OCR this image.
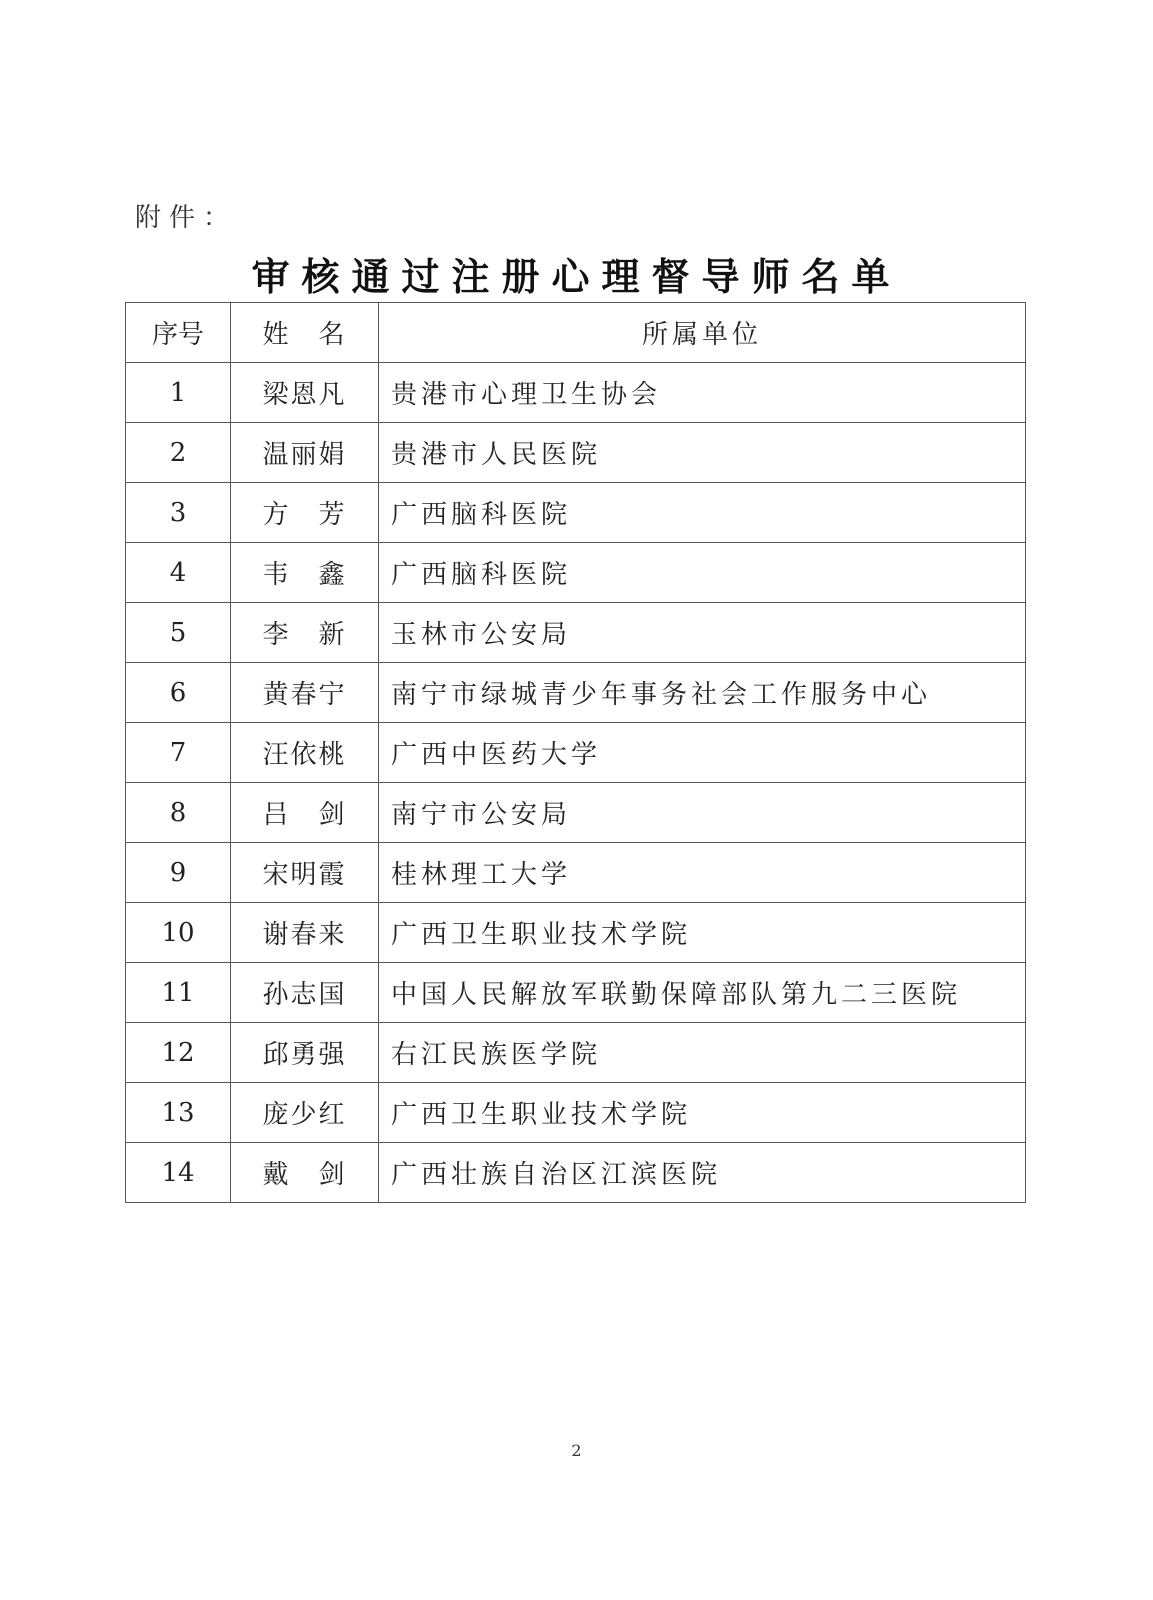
附件：
审核通过注册心理督导师名单
序号	姓　名	所属单位
1	梁恩凡	贵港市心理卫生协会
2	温丽娟	贵港市人民医院
3	方　芳	广西脑科医院
4	韦　鑫	广西脑科医院
5	李　新	玉林市公安局
6	黄春宁	南宁市绿城青少年事务社会工作服务中心
7	汪依桃	广西中医药大学
8	吕　剑	南宁市公安局
9	宋明霞	桂林理工大学
10	谢春来	广西卫生职业技术学院
11	孙志国	中国人民解放军联勤保障部队第九二三医院
12	邱勇强	右江民族医学院
13	庞少红	广西卫生职业技术学院
14	戴　剑	广西壮族自治区江滨医院
2
